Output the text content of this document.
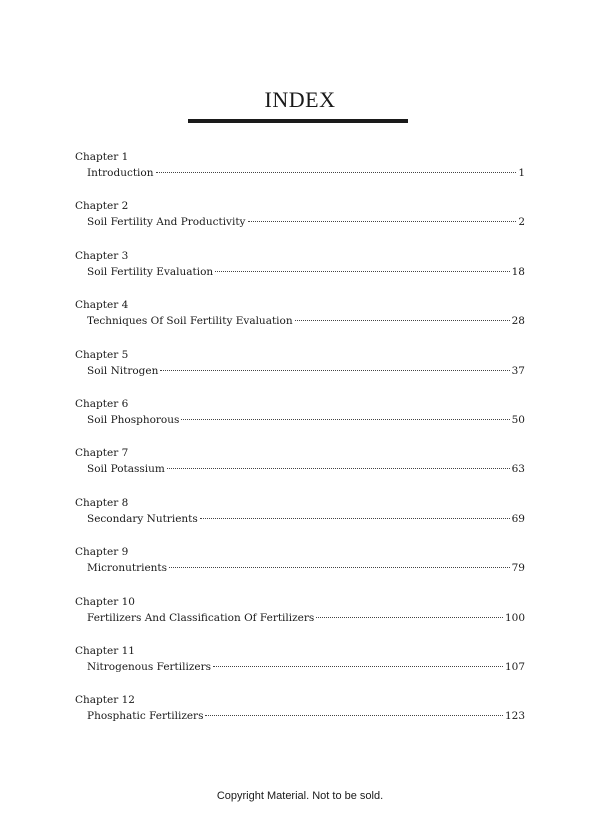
INDEX
Chapter 1
Introduction	1
Chapter 2
Soil Fertility And Productivity	2
Chapter 3
Soil Fertility Evaluation	18
Chapter 4
Techniques Of Soil Fertility Evaluation	28
Chapter 5
Soil Nitrogen	37
Chapter 6
Soil Phosphorous	50
Chapter 7
Soil Potassium	63
Chapter 8
Secondary Nutrients	69
Chapter 9
Micronutrients	79
Chapter 10
Fertilizers And Classification Of Fertilizers	100
Chapter 11
Nitrogenous Fertilizers	107
Chapter 12
Phosphatic Fertilizers	123
Copyright Material. Not to be sold.
